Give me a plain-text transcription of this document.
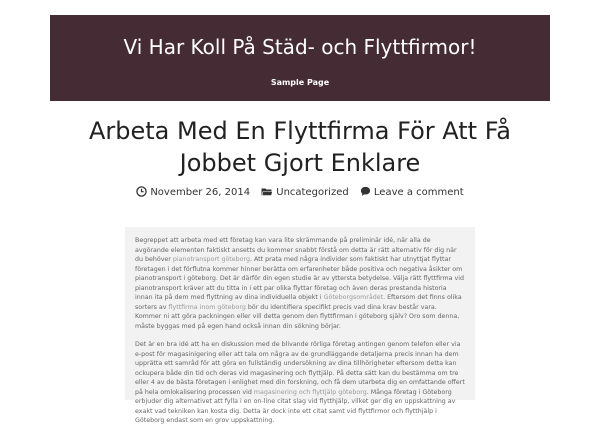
Vi Har Koll På Städ- och Flyttfirmor!
Sample Page
Arbeta Med En Flyttfirma För Att Få Jobbet Gjort Enklare
November 26, 2014	Uncategorized	Leave a comment

Begreppet att arbeta med ett företag kan vara lite skrämmande på preliminär idé, när alla de avgörande elementen faktiskt ansetts du kommer snabbt förstå om detta är rätt alternativ för dig när du behöver pianotransport göteborg. Att prata med några individer som faktiskt har utnyttjat flyttar företagen i det förflutna kommer hinner berätta om erfarenheter både positiva och negativa åsikter om pianotransport i göteborg. Det är därför din egen studie är av yttersta betydelse. Välja rätt flyttfirma vid pianotransport kräver att du titta in i ett par olika flyttar företag och även deras prestanda historia innan ita på dem med flyttning av dina individuella objekt i Göteborgsområdet. Eftersom det finns olika sorters av flyttfirma inom göteborg bör du identifiera specifikt precis vad dina krav består vara. Kommer ni att göra packningen eller vill detta genom den flyttfirman i göteborg själv? Oro som denna, måste byggas med på egen hand också innan din sökning börjar.

Det är en bra idé att ha en diskussion med de blivande rörliga företag antingen genom telefon eller via e-post för magasinigering eller att tala om några av de grundläggande detaljerna precis innan ha dem upprätta ett samråd för att göra en fullständig undersökning av dina tillhörigheter eftersom detta kan ockupera både din tid och deras vid magasinering och flyttjälp. På detta sätt kan du bestämma om tre eller 4 av de bästa företagen i enlighet med din forskning, och få dem utarbeta dig en omfattande offert på hela omlokalisering processen vid magasinering och flyttjälp göteborg. Många företag i Göteborg erbjuder dig alternativet att fylla i en on-line citat slag vid flytthjälp, vilket ger dig en uppskattning av exakt vad tekniken kan kosta dig. Detta är dock inte ett citat samt vid flyttfirmor och flytthjälp i Göteborg endast som en grov uppskattning.
